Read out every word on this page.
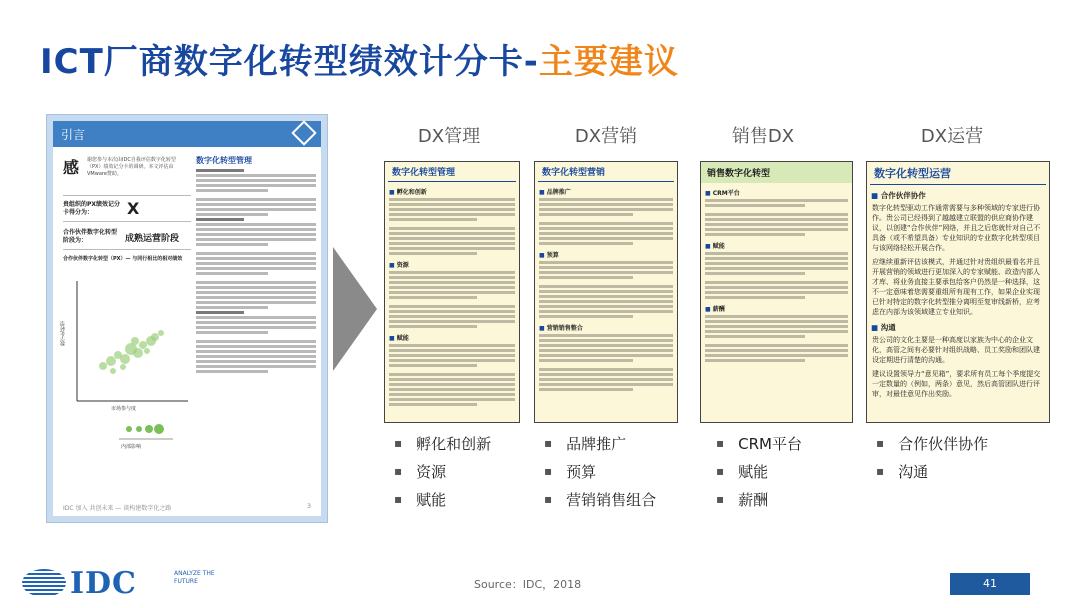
ICT厂商数字化转型绩效计分卡-主要建议
引言
感 谢您参与本次由IDC自我评估数字化转型（PX）绩效记分卡的调研。本文评估由VMware赞助。
贵组织的PX绩效记分卡得分为：	X
合作伙伴数字化转型阶段为：	成熟运营阶段
合作伙伴数字化转型（PX）— 与同行相比的相对绩效
数字化转型
市场参与度
内部影响
数字化转型管理
IDC 加入 共创未来 — 谈构建数字化之路	3
DX管理	DX营销	销售DX	DX运营
数字化转型管理
■ 孵化和创新
■ 资源
■ 赋能
数字化转型营销
■ 品牌推广
■ 预算
■ 营销销售整合
销售数字化转型
■ CRM平台
■ 赋能
■ 薪酬
数字化转型运营
■ 合作伙伴协作
数字化转型驱动工作通常需要与多种领域的专家进行协作。贵公司已经得到了越越建立联盟的供应商协作建议，以创建“合作伙伴”网络，并且之后您就针对自己不具备（或不希望具备）专业知识的专业数字化转型项目与该网络轻松开展合作。
应继续重新评估该模式，并通过针对贵组织最看名并且开展营销的领域进行更加深入的专家赋能、政造内部人才库、将业务直接主要承包给客户仍然是一种选择，这不一定意味着您需要重组所有现有工作，如果企业实现已针对特定的数字化转型推分离明至复审线新桥，应考虑在内部为该领域建立专业知识。
■ 沟通
贵公司的文化主要是一种高度以家族为中心的企业文化，高管之间有必要针对组织战略、员工奖励和团队建设定期进行清楚的沟通。
建议设置领导力“意见箱”，要求所有员工每个季度提交一定数量的（例如，两条）意见，然后高管团队进行评审，对最佳意见作出奖励。
▪ 孵化和创新
▪ 资源
▪ 赋能
▪ 品牌推广
▪ 预算
▪ 营销销售组合
▪ CRM平台
▪ 赋能
▪ 薪酬
▪ 合作伙伴协作
▪ 沟通
IDC	ANALYZE THE FUTURE	Source：IDC，2018	41
